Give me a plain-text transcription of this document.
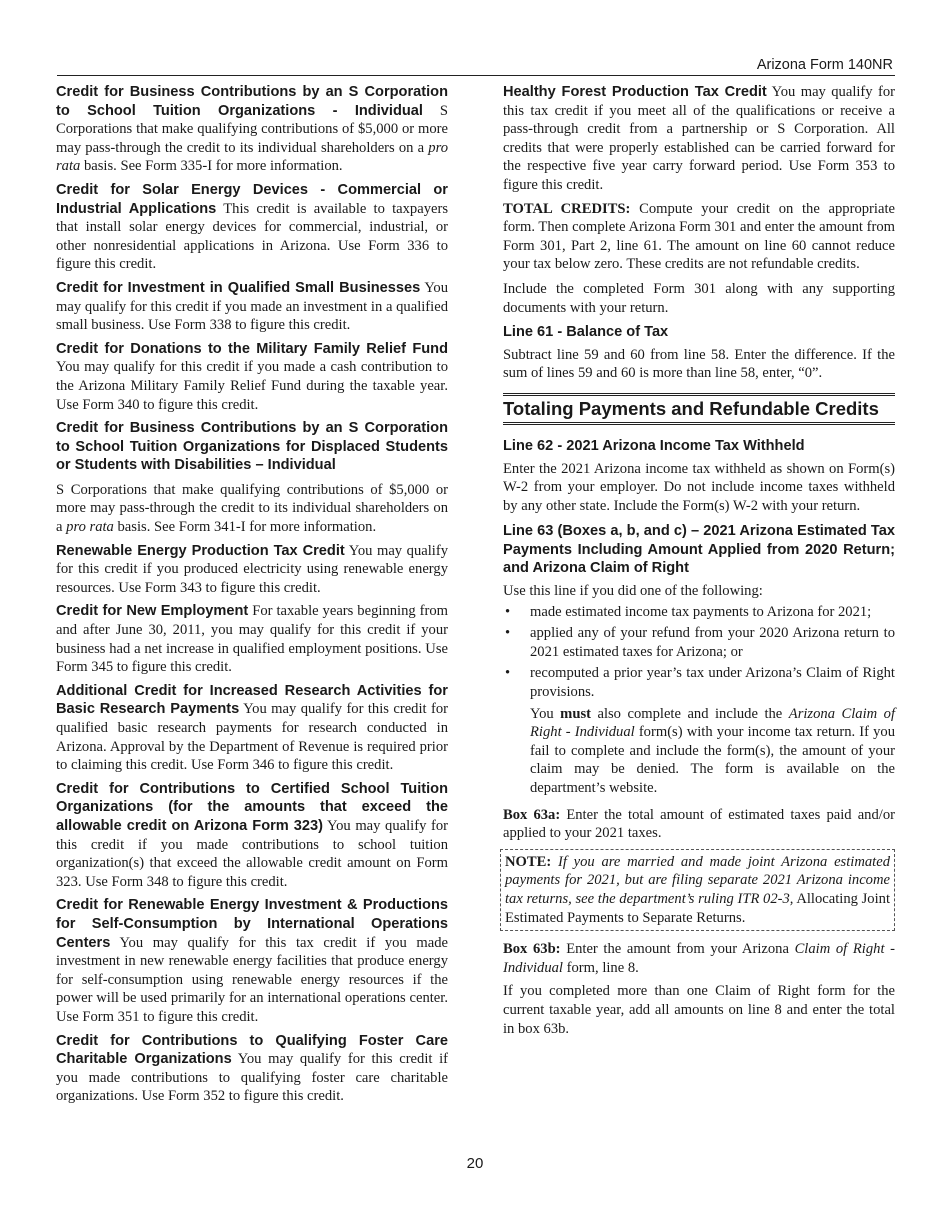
Arizona Form 140NR

Credit for Business Contributions by an S Corporation to School Tuition Organizations - Individual S Corporations that make qualifying contributions of $5,000 or more may pass-through the credit to its individual shareholders on a pro rata basis. See Form 335-I for more information.

Credit for Solar Energy Devices - Commercial or Industrial Applications This credit is available to taxpayers that install solar energy devices for commercial, industrial, or other nonresidential applications in Arizona. Use Form 336 to figure this credit.

Credit for Investment in Qualified Small Businesses You may qualify for this credit if you made an investment in a qualified small business. Use Form 338 to figure this credit.

Credit for Donations to the Military Family Relief Fund You may qualify for this credit if you made a cash contribution to the Arizona Military Family Relief Fund during the taxable year. Use Form 340 to figure this credit.

Credit for Business Contributions by an S Corporation to School Tuition Organizations for Displaced Students or Students with Disabilities – Individual

S Corporations that make qualifying contributions of $5,000 or more may pass-through the credit to its individual shareholders on a pro rata basis. See Form 341-I for more information.

Renewable Energy Production Tax Credit You may qualify for this credit if you produced electricity using renewable energy resources. Use Form 343 to figure this credit.

Credit for New Employment For taxable years beginning from and after June 30, 2011, you may qualify for this credit if your business had a net increase in qualified employment positions. Use Form 345 to figure this credit.

Additional Credit for Increased Research Activities for Basic Research Payments You may qualify for this credit for qualified basic research payments for research conducted in Arizona. Approval by the Department of Revenue is required prior to claiming this credit. Use Form 346 to figure this credit.

Credit for Contributions to Certified School Tuition Organizations (for the amounts that exceed the allowable credit on Arizona Form 323) You may qualify for this credit if you made contributions to school tuition organization(s) that exceed the allowable credit amount on Form 323. Use Form 348 to figure this credit.

Credit for Renewable Energy Investment & Productions for Self-Consumption by International Operations Centers You may qualify for this tax credit if you made investment in new renewable energy facilities that produce energy for self-consumption using renewable energy resources if the power will be used primarily for an international operations center. Use Form 351 to figure this credit.

Credit for Contributions to Qualifying Foster Care Charitable Organizations You may qualify for this credit if you made contributions to qualifying foster care charitable organizations. Use Form 352 to figure this credit.

Healthy Forest Production Tax Credit You may qualify for this tax credit if you meet all of the qualifications or receive a pass-through credit from a partnership or S Corporation. All credits that were properly established can be carried forward for the respective five year carry forward period. Use Form 353 to figure this credit.

TOTAL CREDITS: Compute your credit on the appropriate form. Then complete Arizona Form 301 and enter the amount from Form 301, Part 2, line 61. The amount on line 60 cannot reduce your tax below zero. These credits are not refundable credits.

Include the completed Form 301 along with any supporting documents with your return.

Line 61 - Balance of Tax

Subtract line 59 and 60 from line 58. Enter the difference. If the sum of lines 59 and 60 is more than line 58, enter, “0”.

Totaling Payments and Refundable Credits

Line 62 - 2021 Arizona Income Tax Withheld

Enter the 2021 Arizona income tax withheld as shown on Form(s) W-2 from your employer. Do not include income taxes withheld by any other state. Include the Form(s) W-2 with your return.

Line 63 (Boxes a, b, and c) – 2021 Arizona Estimated Tax Payments Including Amount Applied from 2020 Return; and Arizona Claim of Right

Use this line if you did one of the following:

• made estimated income tax payments to Arizona for 2021;
• applied any of your refund from your 2020 Arizona return to 2021 estimated taxes for Arizona; or
• recomputed a prior year’s tax under Arizona’s Claim of Right provisions.

You must also complete and include the Arizona Claim of Right - Individual form(s) with your income tax return. If you fail to complete and include the form(s), the amount of your claim may be denied. The form is available on the department’s website.

Box 63a: Enter the total amount of estimated taxes paid and/or applied to your 2021 taxes.

NOTE: If you are married and made joint Arizona estimated payments for 2021, but are filing separate 2021 Arizona income tax returns, see the department’s ruling ITR 02-3, Allocating Joint Estimated Payments to Separate Returns.

Box 63b: Enter the amount from your Arizona Claim of Right - Individual form, line 8.

If you completed more than one Claim of Right form for the current taxable year, add all amounts on line 8 and enter the total in box 63b.

20
